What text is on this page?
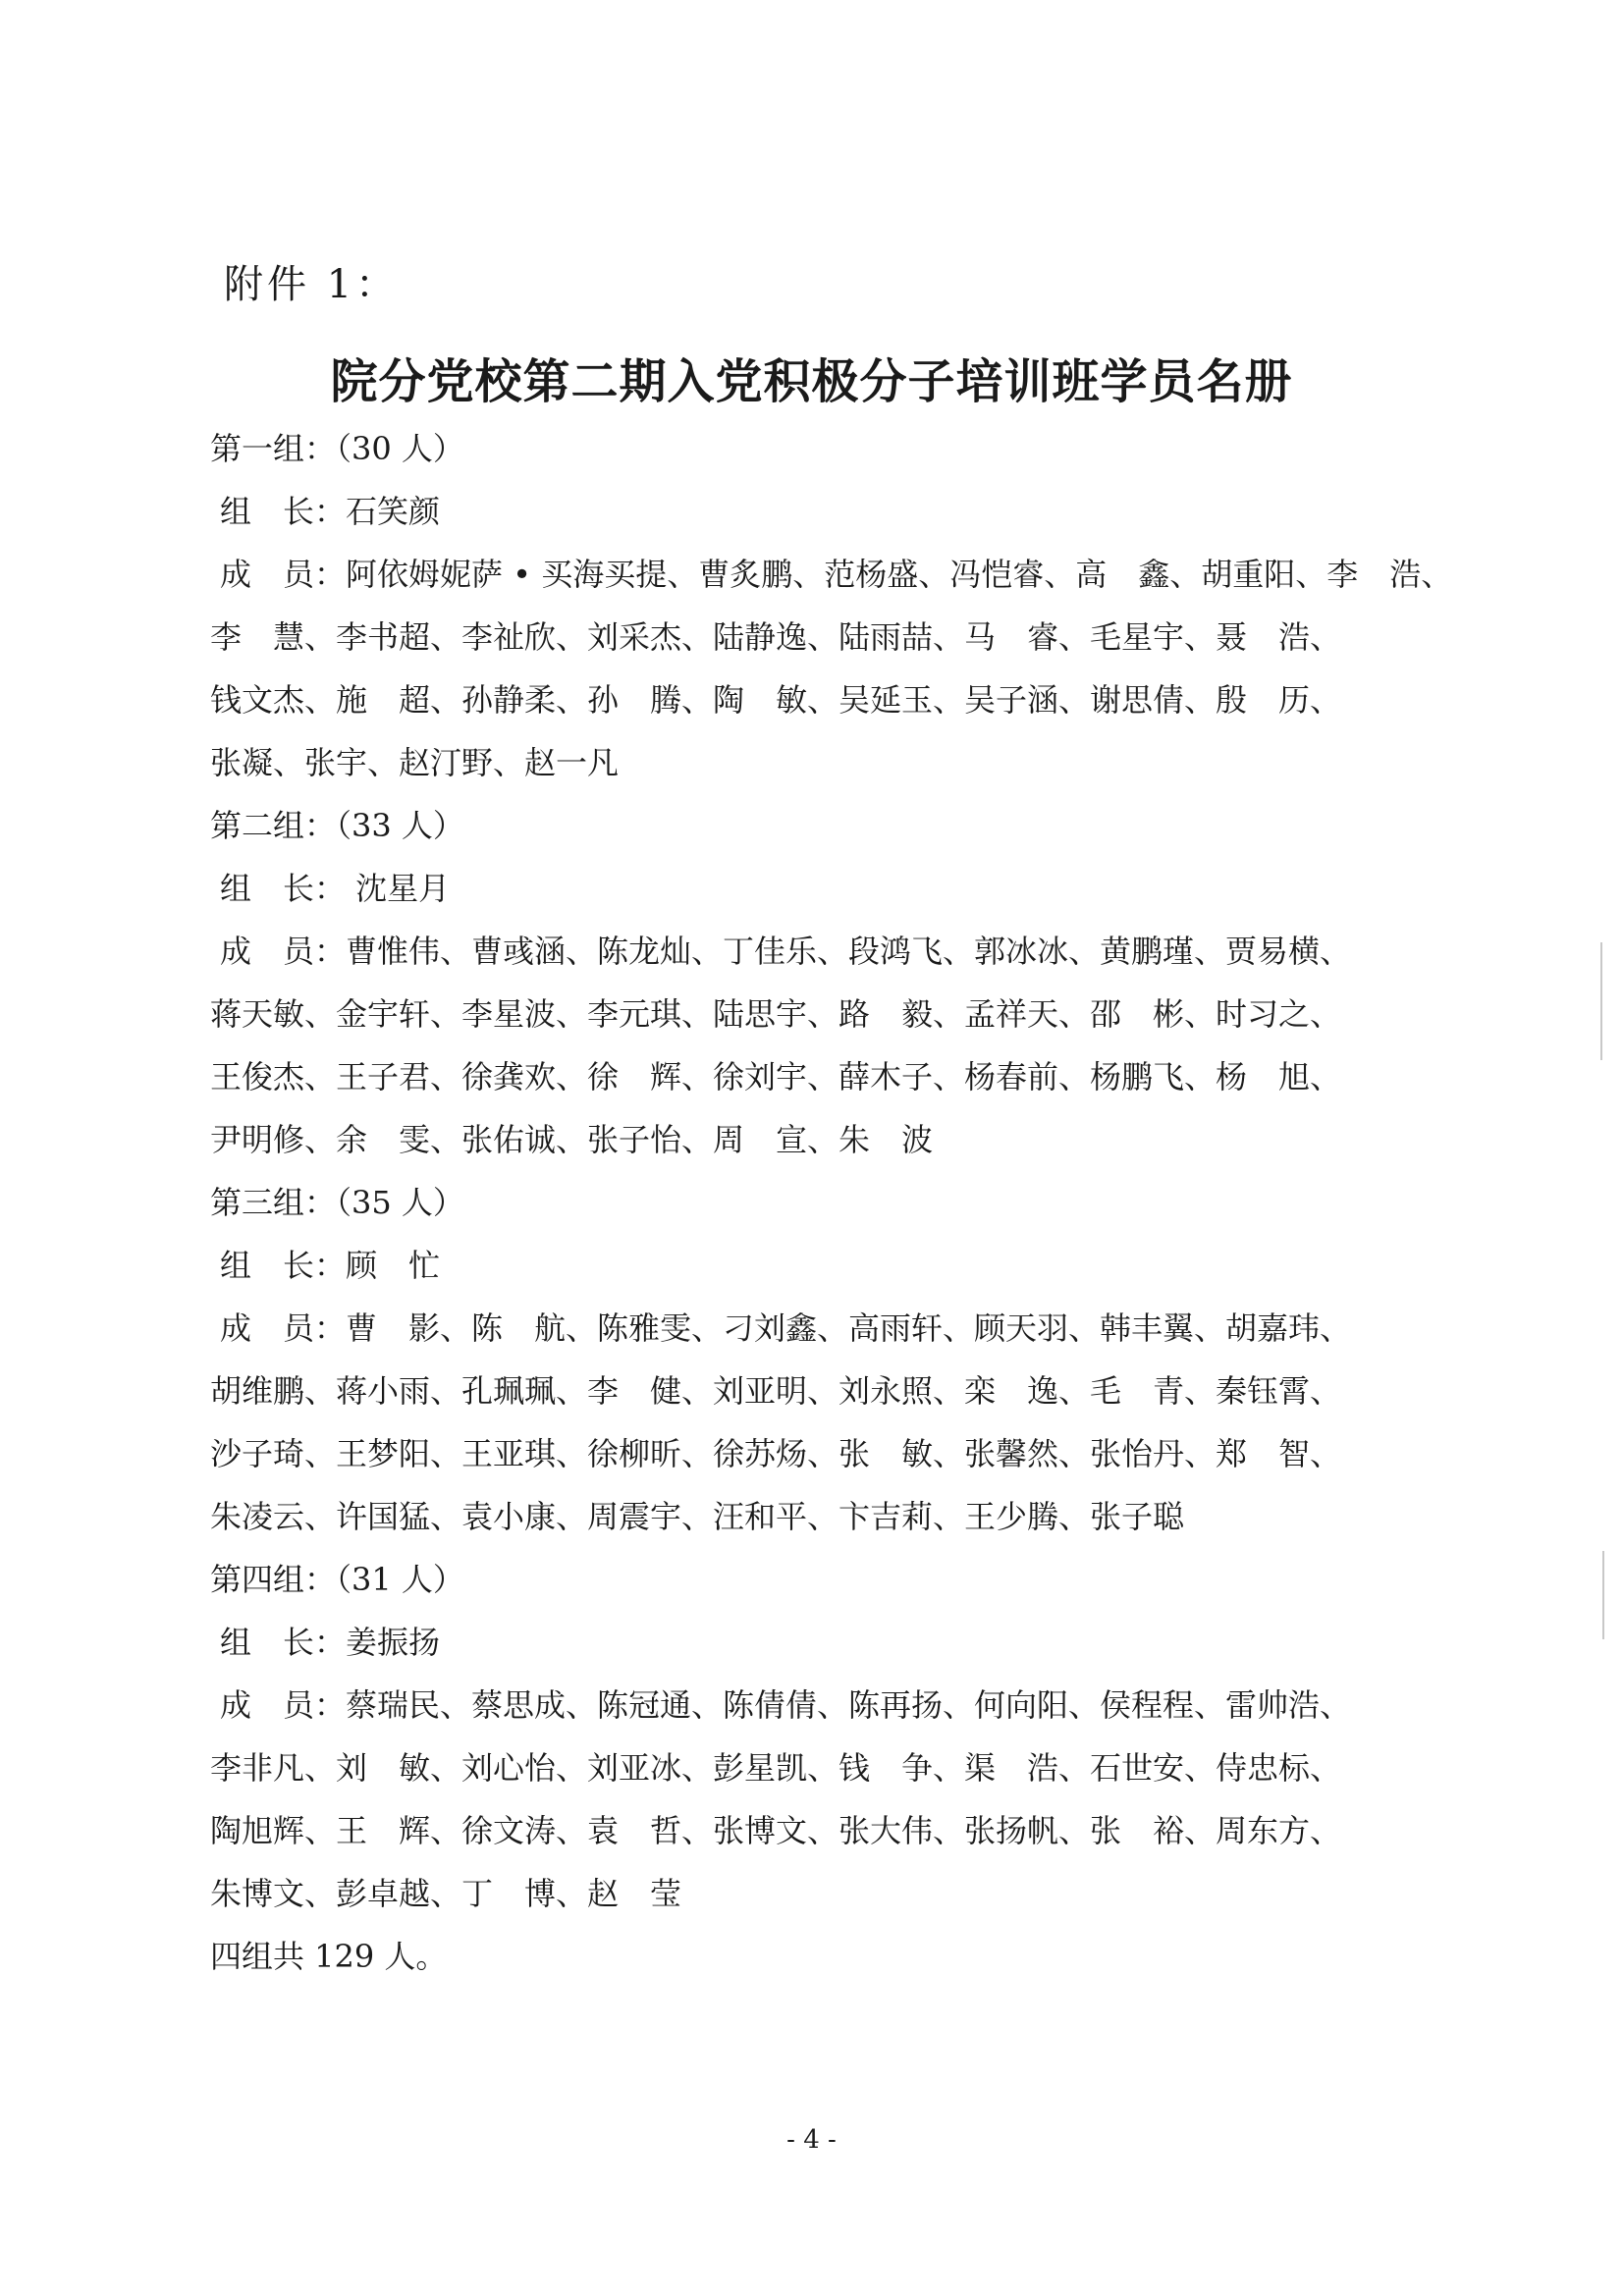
附件 1：
院分党校第二期入党积极分子培训班学员名册
第一组：（30 人）
组　长：石笑颜
成　员：阿依姆妮萨 • 买海买提、曹炙鹏、范杨盛、冯恺睿、高　鑫、胡重阳、李　浩、
李　慧、李书超、李祉欣、刘采杰、陆静逸、陆雨喆、马　睿、毛星宇、聂　浩、
钱文杰、施　超、孙静柔、孙　腾、陶　敏、吴延玉、吴子涵、谢思倩、殷　历、
张凝、张宇、赵汀野、赵一凡
第二组：（33 人）
组　长： 沈星月
成　员：曹惟伟、曹彧涵、陈龙灿、丁佳乐、段鸿飞、郭冰冰、黄鹏瑾、贾易横、
蒋天敏、金宇轩、李星波、李元琪、陆思宇、路　毅、孟祥天、邵　彬、时习之、
王俊杰、王子君、徐龚欢、徐　辉、徐刘宇、薛木子、杨春前、杨鹏飞、杨　旭、
尹明修、余　雯、张佑诚、张子怡、周　宣、朱　波
第三组：（35 人）
组　长：顾　忙
成　员：曹　影、陈　航、陈雅雯、刁刘鑫、高雨轩、顾天羽、韩丰翼、胡嘉玮、
胡维鹏、蒋小雨、孔珮珮、李　健、刘亚明、刘永照、栾　逸、毛　青、秦钰霄、
沙子琦、王梦阳、王亚琪、徐柳昕、徐苏炀、张　敏、张馨然、张怡丹、郑　智、
朱凌云、许国猛、袁小康、周震宇、汪和平、卞吉莉、王少腾、张子聪
第四组：（31 人）
组　长：姜振扬
成　员：蔡瑞民、蔡思成、陈冠通、陈倩倩、陈再扬、何向阳、侯程程、雷帅浩、
李非凡、刘　敏、刘心怡、刘亚冰、彭星凯、钱　争、渠　浩、石世安、侍忠标、
陶旭辉、王　辉、徐文涛、袁　哲、张博文、张大伟、张扬帆、张　裕、周东方、
朱博文、彭卓越、丁　博、赵　莹
四组共 129 人。
- 4 -
